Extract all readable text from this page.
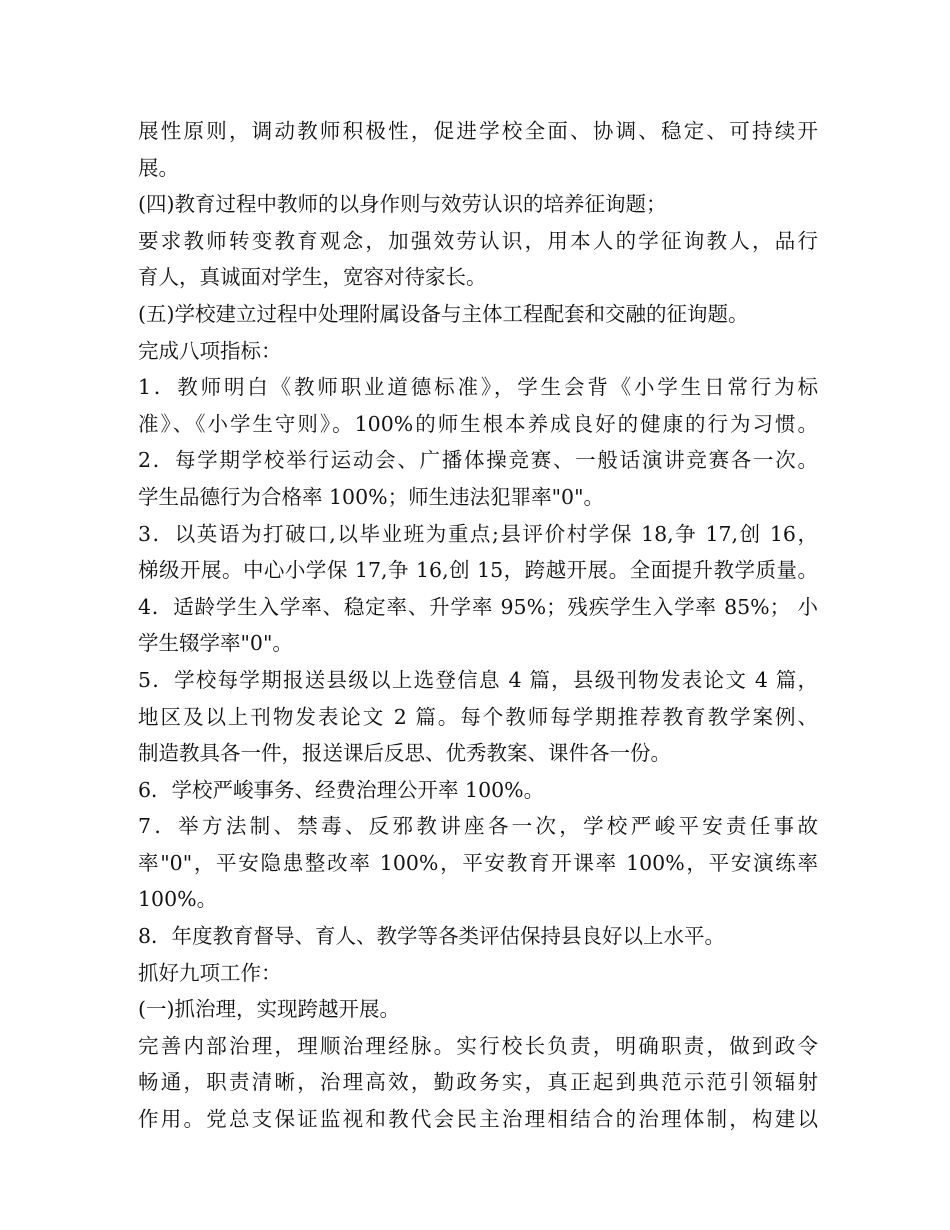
展性原则，调动教师积极性，促进学校全面、协调、稳定、可持续开
展。
(四)教育过程中教师的以身作则与效劳认识的培养征询题；
要求教师转变教育观念，加强效劳认识，用本人的学征询教人，品行
育人，真诚面对学生，宽容对待家长。
(五)学校建立过程中处理附属设备与主体工程配套和交融的征询题。
完成八项指标：
1．教师明白《教师职业道德标准》，学生会背《小学生日常行为标
准》、《小学生守则》。100%的师生根本养成良好的健康的行为习惯。
2．每学期学校举行运动会、广播体操竞赛、一般话演讲竞赛各一次。
学生品德行为合格率 100%；师生违法犯罪率"0"。
3．以英语为打破口,以毕业班为重点;县评价村学保 18,争 17,创 16，
梯级开展。中心小学保 17,争 16,创 15，跨越开展。全面提升教学质量。
4．适龄学生入学率、稳定率、升学率 95%；残疾学生入学率 85%； 小
学生辍学率"0"。
5．学校每学期报送县级以上选登信息 4 篇，县级刊物发表论文 4 篇，
地区及以上刊物发表论文 2 篇。每个教师每学期推荐教育教学案例、
制造教具各一件，报送课后反思、优秀教案、课件各一份。
6．学校严峻事务、经费治理公开率 100%。
7．举方法制、禁毒、反邪教讲座各一次，学校严峻平安责任事故
率"0"，平安隐患整改率 100%，平安教育开课率 100%，平安演练率
100%。
8．年度教育督导、育人、教学等各类评估保持县良好以上水平。
抓好九项工作：
(一)抓治理，实现跨越开展。
完善内部治理，理顺治理经脉。实行校长负责，明确职责，做到政令
畅通，职责清晰，治理高效，勤政务实，真正起到典范示范引领辐射
作用。党总支保证监视和教代会民主治理相结合的治理体制，构建以
